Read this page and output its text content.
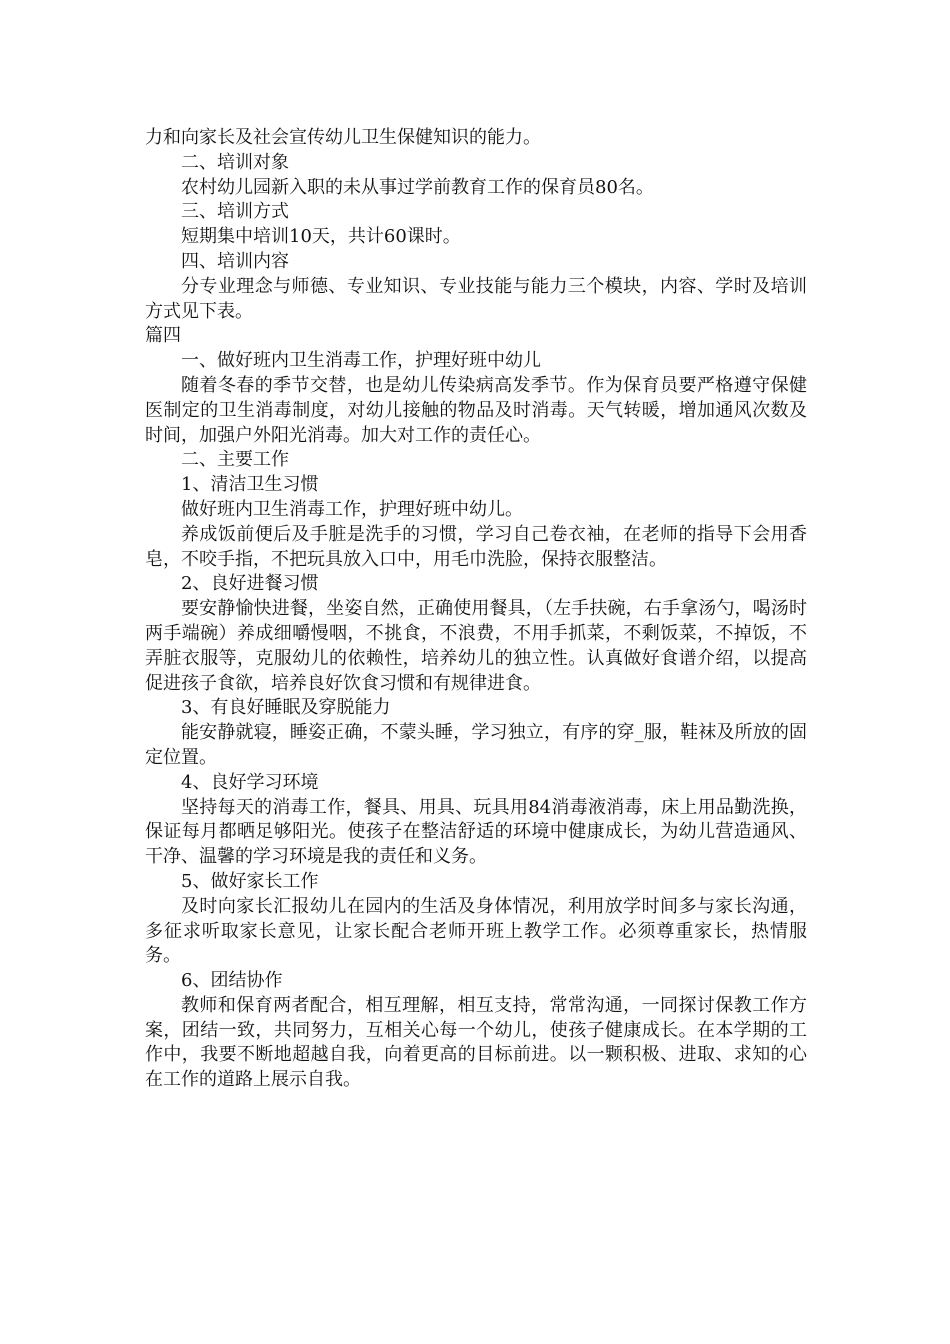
力和向家长及社会宣传幼儿卫生保健知识的能力。

二、培训对象

农村幼儿园新入职的未从事过学前教育工作的保育员80名。

三、培训方式

短期集中培训10天，共计60课时。

四、培训内容

分专业理念与师德、专业知识、专业技能与能力三个模块，内容、学时及培训方式见下表。

篇四

一、做好班内卫生消毒工作，护理好班中幼儿

随着冬春的季节交替，也是幼儿传染病高发季节。作为保育员要严格遵守保健医制定的卫生消毒制度，对幼儿接触的物品及时消毒。天气转暖，增加通风次数及时间，加强户外阳光消毒。加大对工作的责任心。

二、主要工作

1、清洁卫生习惯

做好班内卫生消毒工作，护理好班中幼儿。

养成饭前便后及手脏是洗手的习惯，学习自己卷衣袖，在老师的指导下会用香皂，不咬手指，不把玩具放入口中，用毛巾洗脸，保持衣服整洁。

2、良好进餐习惯

要安静愉快进餐，坐姿自然，正确使用餐具，（左手扶碗，右手拿汤勺，喝汤时两手端碗）养成细嚼慢咽，不挑食，不浪费，不用手抓菜，不剩饭菜，不掉饭，不弄脏衣服等，克服幼儿的依赖性，培养幼儿的独立性。认真做好食谱介绍，以提高促进孩子食欲，培养良好饮食习惯和有规律进食。

3、有良好睡眠及穿脱能力

能安静就寝，睡姿正确，不蒙头睡，学习独立，有序的穿_服，鞋袜及所放的固定位置。

4、良好学习环境

坚持每天的消毒工作，餐具、用具、玩具用84消毒液消毒，床上用品勤洗换，保证每月都晒足够阳光。使孩子在整洁舒适的环境中健康成长，为幼儿营造通风、干净、温馨的学习环境是我的责任和义务。

5、做好家长工作

及时向家长汇报幼儿在园内的生活及身体情况，利用放学时间多与家长沟通，多征求听取家长意见，让家长配合老师开班上教学工作。必须尊重家长，热情服务。

6、团结协作

教师和保育两者配合，相互理解，相互支持，常常沟通，一同探讨保教工作方案，团结一致，共同努力，互相关心每一个幼儿，使孩子健康成长。在本学期的工作中，我要不断地超越自我，向着更高的目标前进。以一颗积极、进取、求知的心在工作的道路上展示自我。
